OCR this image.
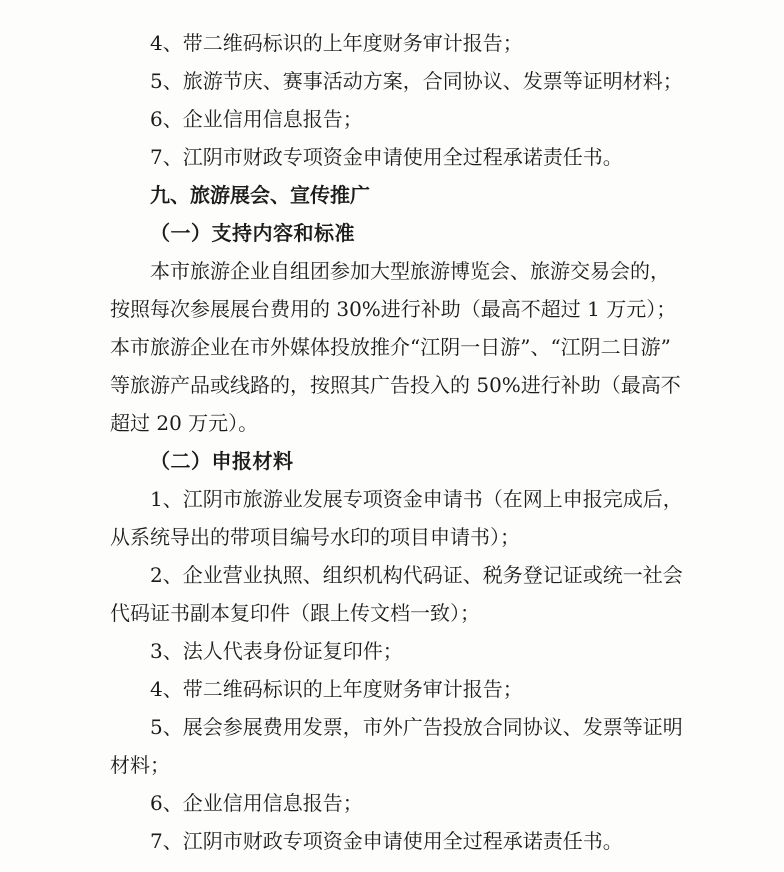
4、带二维码标识的上年度财务审计报告；

5、旅游节庆、赛事活动方案，合同协议、发票等证明材料；

6、企业信用信息报告；

7、江阴市财政专项资金申请使用全过程承诺责任书。

九、旅游展会、宣传推广

（一）支持内容和标准

本市旅游企业自组团参加大型旅游博览会、旅游交易会的，

按照每次参展展台费用的 30%进行补助（最高不超过 1 万元）；

本市旅游企业在市外媒体投放推介“江阴一日游”、“江阴二日游”

等旅游产品或线路的，按照其广告投入的 50%进行补助（最高不

超过 20 万元）。

（二）申报材料

1、江阴市旅游业发展专项资金申请书（在网上申报完成后，

从系统导出的带项目编号水印的项目申请书）；

2、企业营业执照、组织机构代码证、税务登记证或统一社会

代码证书副本复印件（跟上传文档一致）；

3、法人代表身份证复印件；

4、带二维码标识的上年度财务审计报告；

5、展会参展费用发票，市外广告投放合同协议、发票等证明

材料；

6、企业信用信息报告；

7、江阴市财政专项资金申请使用全过程承诺责任书。
